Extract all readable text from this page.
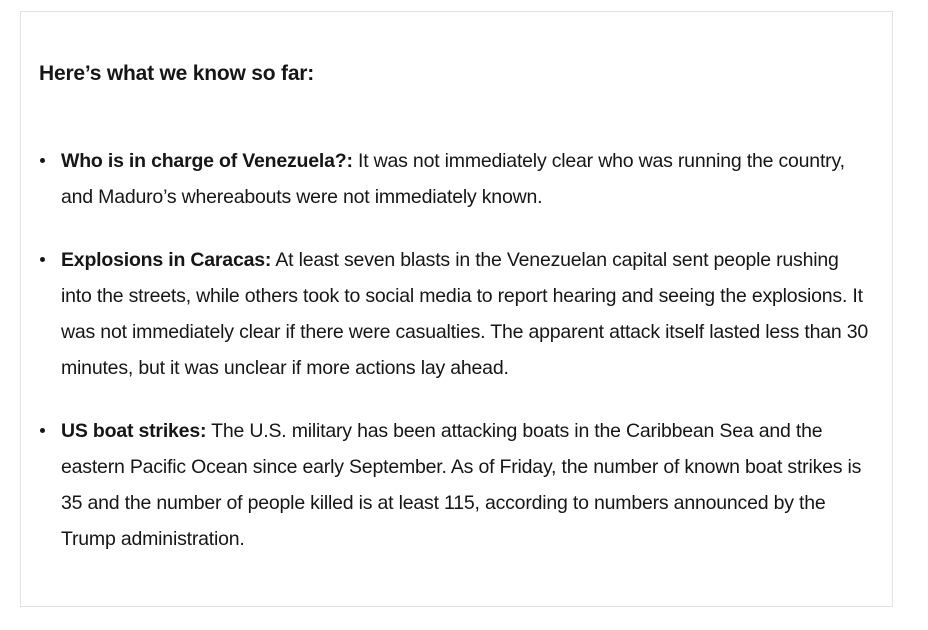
Here’s what we know so far:
Who is in charge of Venezuela?: It was not immediately clear who was running the country, and Maduro’s whereabouts were not immediately known.
Explosions in Caracas: At least seven blasts in the Venezuelan capital sent people rushing into the streets, while others took to social media to report hearing and seeing the explosions. It was not immediately clear if there were casualties. The apparent attack itself lasted less than 30 minutes, but it was unclear if more actions lay ahead.
US boat strikes: The U.S. military has been attacking boats in the Caribbean Sea and the eastern Pacific Ocean since early September. As of Friday, the number of known boat strikes is 35 and the number of people killed is at least 115, according to numbers announced by the Trump administration.
